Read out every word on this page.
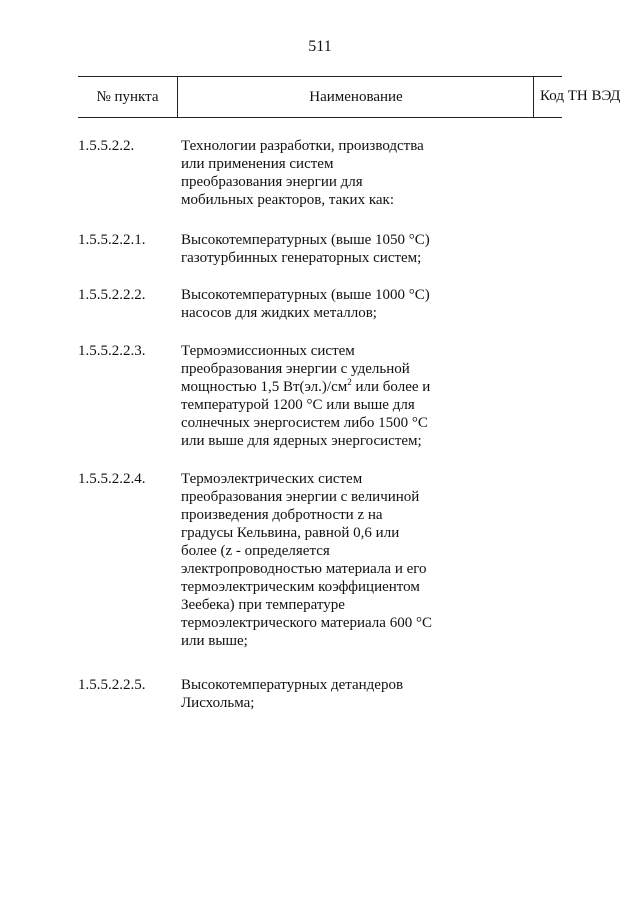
511
№ пункта	Наименование	Код ТН ВЭД
1.5.5.2.2.	Технологии разработки, производства
или применения систем
преобразования энергии для
мобильных реакторов, таких как:
1.5.5.2.2.1.	Высокотемпературных (выше 1050 °С)
газотурбинных генераторных систем;
1.5.5.2.2.2.	Высокотемпературных (выше 1000 °С)
насосов для жидких металлов;
1.5.5.2.2.3.	Термоэмиссионных систем
преобразования энергии с удельной
мощностью 1,5 $Вт(эл.)/см^2$ или более и
температурой 1200 °С или выше для
солнечных энергосистем либо 1500 °С
или выше для ядерных энергосистем;
1.5.5.2.2.4.	Термоэлектрических систем
преобразования энергии с величиной
произведения добротности z на
градусы Кельвина, равной 0,6 или
более (z - определяется
электропроводностью материала и его
термоэлектрическим коэффициентом
Зеебека) при температуре
термоэлектрического материала 600 °С
или выше;
1.5.5.2.2.5.	Высокотемпературных детандеров
Лисхольма;
